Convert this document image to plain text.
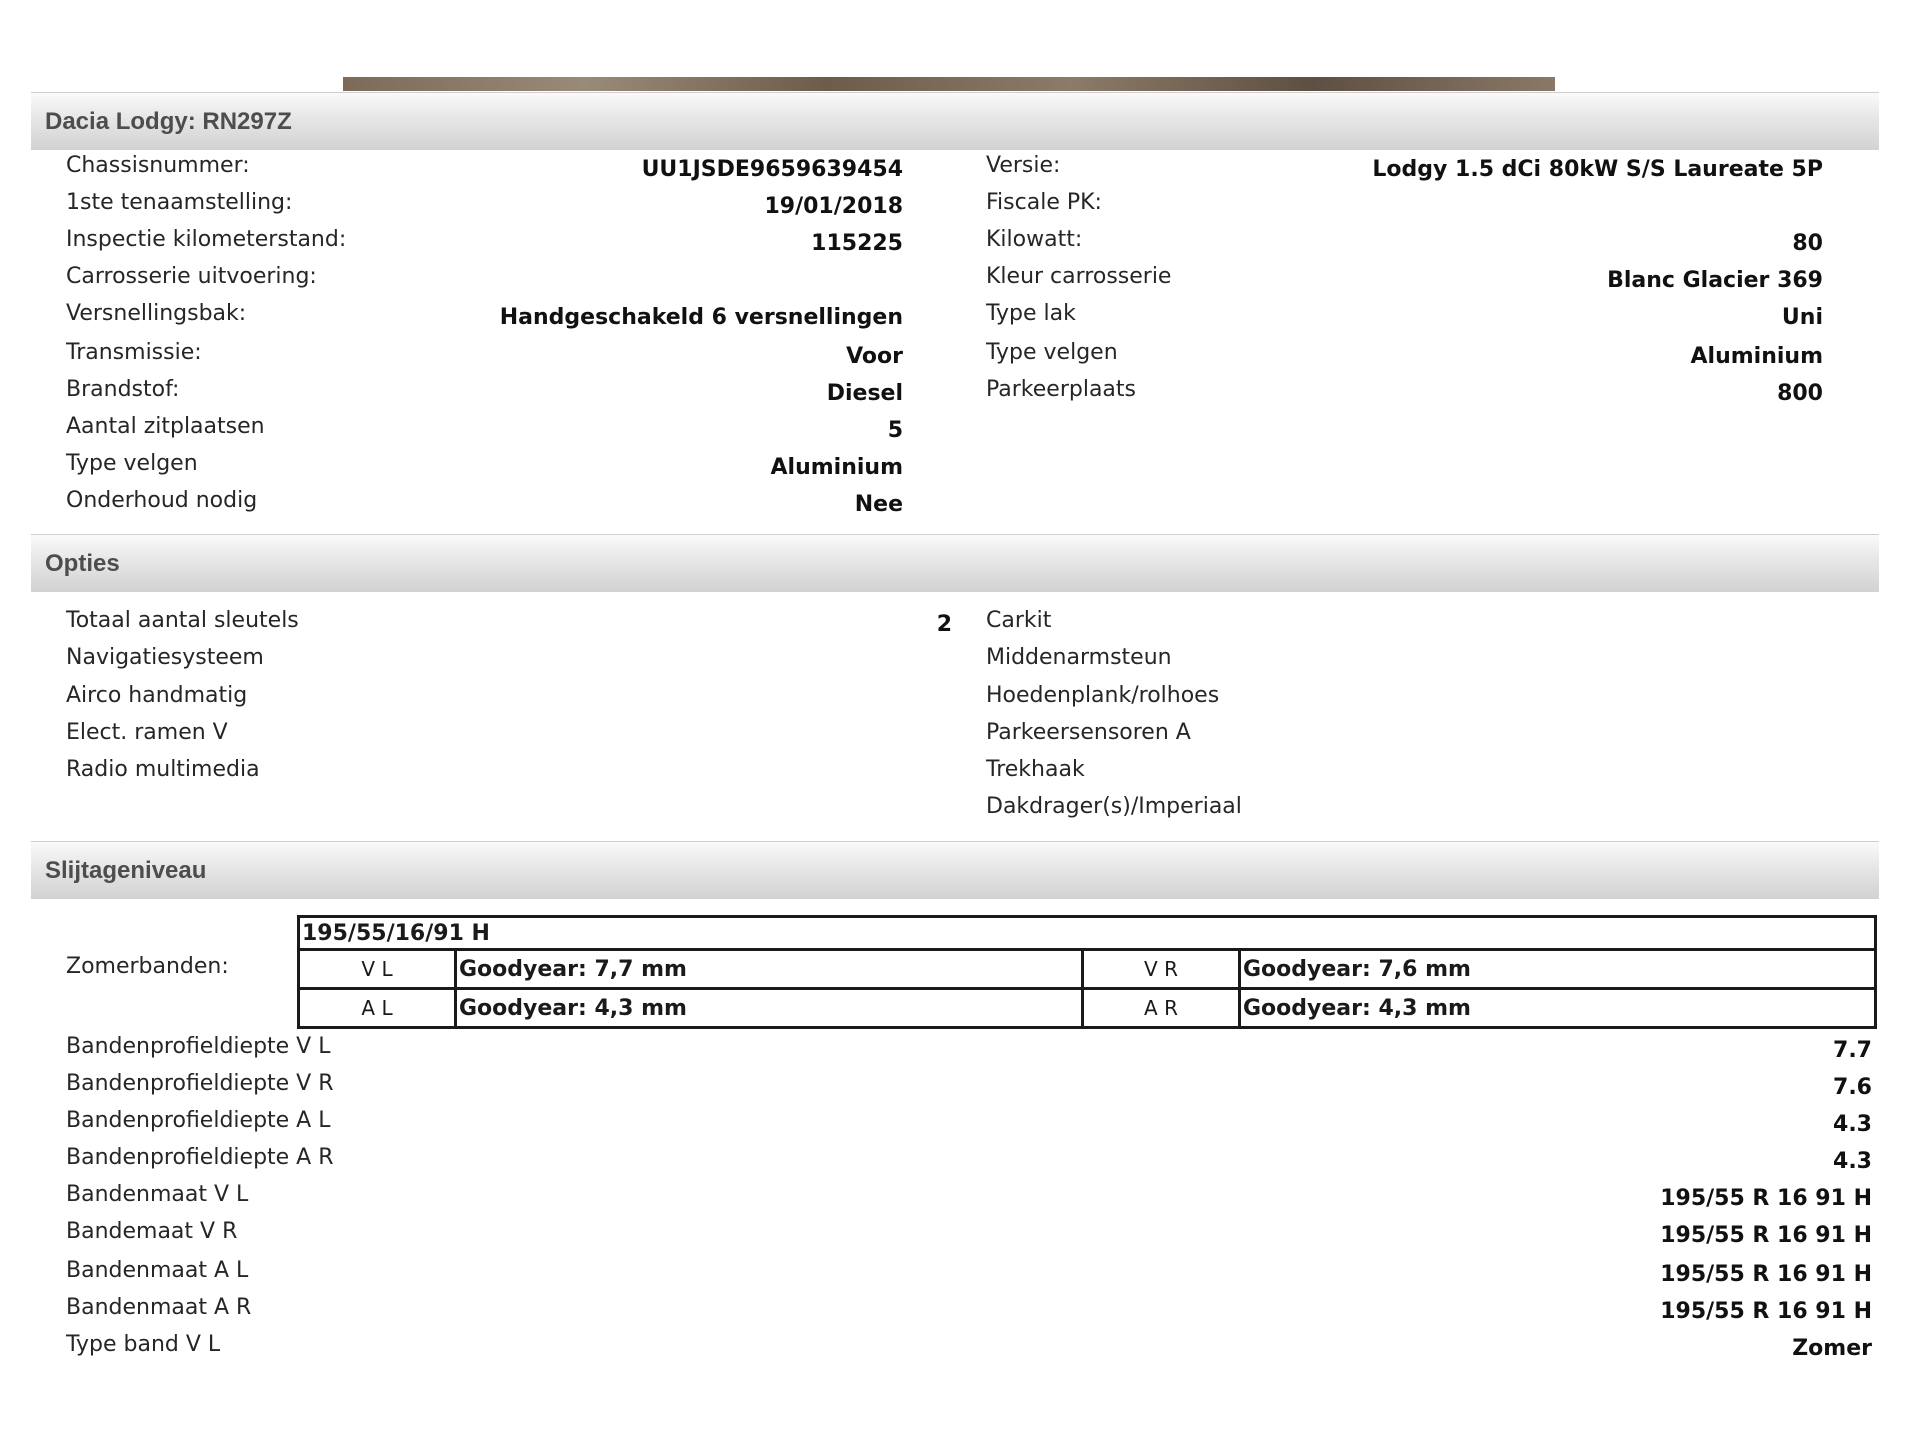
Dacia Lodgy: RN297Z
Chassisnummer:	UU1JSDE9659639454
1ste tenaamstelling:	19/01/2018
Inspectie kilometerstand:	115225
Carrosserie uitvoering:
Versnellingsbak:	Handgeschakeld 6 versnellingen
Transmissie:	Voor
Brandstof:	Diesel
Aantal zitplaatsen	5
Type velgen	Aluminium
Onderhoud nodig	Nee
Versie:	Lodgy 1.5 dCi 80kW S/S Laureate 5P
Fiscale PK:
Kilowatt:	80
Kleur carrosserie	Blanc Glacier 369
Type lak	Uni
Type velgen	Aluminium
Parkeerplaats	800
Opties
Totaal aantal sleutels	2
Navigatiesysteem
Airco handmatig
Elect. ramen V
Radio multimedia
Carkit
Middenarmsteun
Hoedenplank/rolhoes
Parkeersensoren A
Trekhaak
Dakdrager(s)/Imperiaal
Slijtageniveau
Zomerbanden:
195/55/16/91 H			
V L	Goodyear: 7,7 mm	V R	Goodyear: 7,6 mm
A L	Goodyear: 4,3 mm	A R	Goodyear: 4,3 mm
Bandenprofieldiepte V L	7.7
Bandenprofieldiepte V R	7.6
Bandenprofieldiepte A L	4.3
Bandenprofieldiepte A R	4.3
Bandenmaat V L	195/55 R 16 91 H
Bandemaat V R	195/55 R 16 91 H
Bandenmaat A L	195/55 R 16 91 H
Bandenmaat A R	195/55 R 16 91 H
Type band V L	Zomer
